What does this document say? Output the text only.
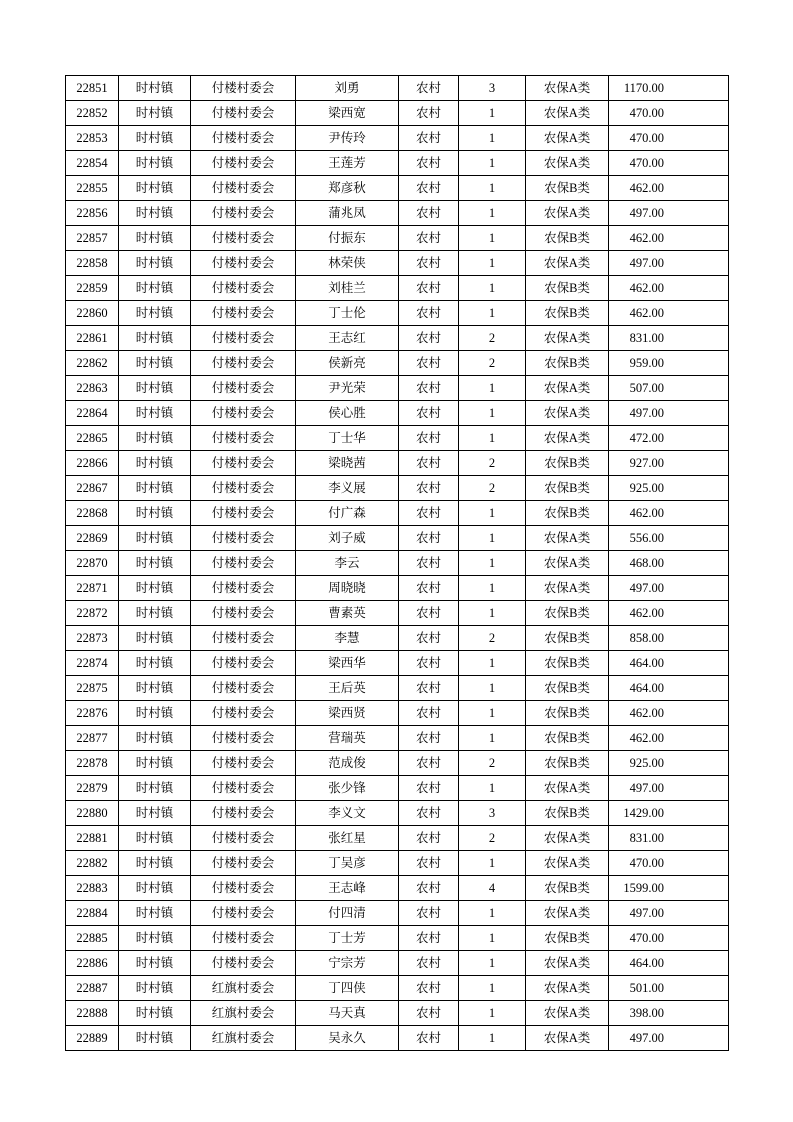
22851	时村镇	付楼村委会	刘勇	农村	3	农保A类	1170.00
22852	时村镇	付楼村委会	梁西宽	农村	1	农保A类	470.00
22853	时村镇	付楼村委会	尹传玲	农村	1	农保A类	470.00
22854	时村镇	付楼村委会	王莲芳	农村	1	农保A类	470.00
22855	时村镇	付楼村委会	郑彦秋	农村	1	农保B类	462.00
22856	时村镇	付楼村委会	蒲兆凤	农村	1	农保A类	497.00
22857	时村镇	付楼村委会	付振东	农村	1	农保B类	462.00
22858	时村镇	付楼村委会	林荣侠	农村	1	农保A类	497.00
22859	时村镇	付楼村委会	刘桂兰	农村	1	农保B类	462.00
22860	时村镇	付楼村委会	丁士伦	农村	1	农保B类	462.00
22861	时村镇	付楼村委会	王志红	农村	2	农保A类	831.00
22862	时村镇	付楼村委会	侯新亮	农村	2	农保B类	959.00
22863	时村镇	付楼村委会	尹光荣	农村	1	农保A类	507.00
22864	时村镇	付楼村委会	侯心胜	农村	1	农保A类	497.00
22865	时村镇	付楼村委会	丁士华	农村	1	农保A类	472.00
22866	时村镇	付楼村委会	梁晓茜	农村	2	农保B类	927.00
22867	时村镇	付楼村委会	李义展	农村	2	农保B类	925.00
22868	时村镇	付楼村委会	付广森	农村	1	农保B类	462.00
22869	时村镇	付楼村委会	刘子威	农村	1	农保A类	556.00
22870	时村镇	付楼村委会	李云	农村	1	农保A类	468.00
22871	时村镇	付楼村委会	周晓晓	农村	1	农保A类	497.00
22872	时村镇	付楼村委会	曹素英	农村	1	农保B类	462.00
22873	时村镇	付楼村委会	李慧	农村	2	农保B类	858.00
22874	时村镇	付楼村委会	梁西华	农村	1	农保B类	464.00
22875	时村镇	付楼村委会	王后英	农村	1	农保B类	464.00
22876	时村镇	付楼村委会	梁西贤	农村	1	农保B类	462.00
22877	时村镇	付楼村委会	营瑞英	农村	1	农保B类	462.00
22878	时村镇	付楼村委会	范成俊	农村	2	农保B类	925.00
22879	时村镇	付楼村委会	张少锋	农村	1	农保A类	497.00
22880	时村镇	付楼村委会	李义文	农村	3	农保B类	1429.00
22881	时村镇	付楼村委会	张红星	农村	2	农保A类	831.00
22882	时村镇	付楼村委会	丁吴彦	农村	1	农保A类	470.00
22883	时村镇	付楼村委会	王志峰	农村	4	农保B类	1599.00
22884	时村镇	付楼村委会	付四清	农村	1	农保A类	497.00
22885	时村镇	付楼村委会	丁士芳	农村	1	农保B类	470.00
22886	时村镇	付楼村委会	宁宗芳	农村	1	农保A类	464.00
22887	时村镇	红旗村委会	丁四侠	农村	1	农保A类	501.00
22888	时村镇	红旗村委会	马天真	农村	1	农保A类	398.00
22889	时村镇	红旗村委会	吴永久	农村	1	农保A类	497.00
